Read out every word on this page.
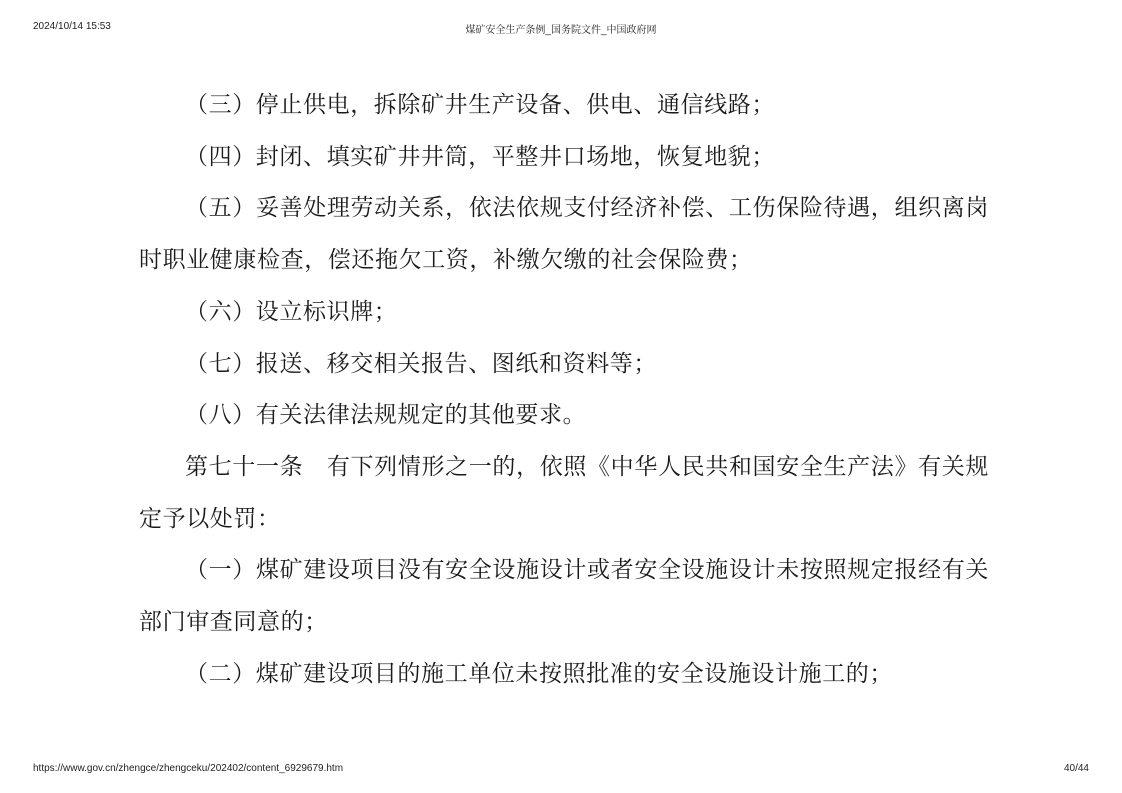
2024/10/14 15:53	煤矿安全生产条例_国务院文件_中国政府网

（三）停止供电，拆除矿井生产设备、供电、通信线路；

（四）封闭、填实矿井井筒，平整井口场地，恢复地貌；

（五）妥善处理劳动关系，依法依规支付经济补偿、工伤保险待遇，组织离岗时职业健康检查，偿还拖欠工资，补缴欠缴的社会保险费；

（六）设立标识牌；

（七）报送、移交相关报告、图纸和资料等；

（八）有关法律法规规定的其他要求。

第七十一条　有下列情形之一的，依照《中华人民共和国安全生产法》有关规定予以处罚：

（一）煤矿建设项目没有安全设施设计或者安全设施设计未按照规定报经有关部门审查同意的；

（二）煤矿建设项目的施工单位未按照批准的安全设施设计施工的；

https://www.gov.cn/zhengce/zhengceku/202402/content_6929679.htm	40/44
